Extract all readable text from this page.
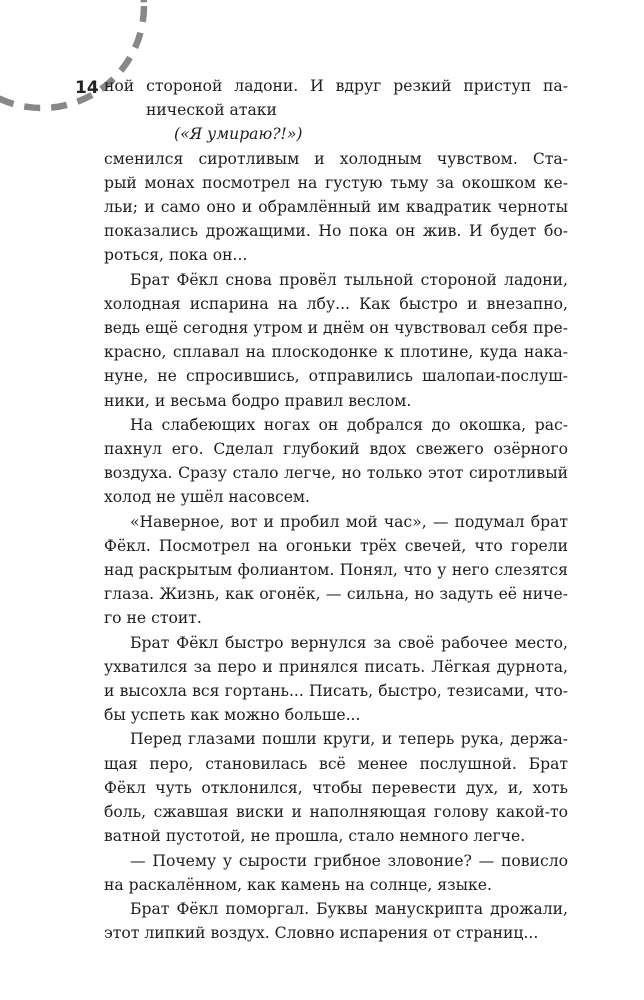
14 ной стороной ладони. И вдруг резкий приступ па-
нической атаки
(«Я умираю?!»)
сменился сиротливым и холодным чувством. Ста-
рый монах посмотрел на густую тьму за окошком ке-
льи; и само оно и обрамлённый им квадратик черноты
показались дрожащими. Но пока он жив. И будет бо-
роться, пока он...

Брат Фёкл снова провёл тыльной стороной ладони,
холодная испарина на лбу... Как быстро и внезапно,
ведь ещё сегодня утром и днём он чувствовал себя пре-
красно, сплавал на плоскодонке к плотине, куда нака-
нуне, не спросившись, отправились шалопаи-послуш-
ники, и весьма бодро правил веслом.

На слабеющих ногах он добрался до окошка, рас-
пахнул его. Сделал глубокий вдох свежего озёрного
воздуха. Сразу стало легче, но только этот сиротливый
холод не ушёл насовсем.

«Наверное, вот и пробил мой час», — подумал брат
Фёкл. Посмотрел на огоньки трёх свечей, что горели
над раскрытым фолиантом. Понял, что у него слезятся
глаза. Жизнь, как огонёк, — сильна, но задуть её ниче-
го не стоит.

Брат Фёкл быстро вернулся за своё рабочее место,
ухватился за перо и принялся писать. Лёгкая дурнота,
и высохла вся гортань... Писать, быстро, тезисами, что-
бы успеть как можно больше...

Перед глазами пошли круги, и теперь рука, держа-
щая перо, становилась всё менее послушной. Брат
Фёкл чуть отклонился, чтобы перевести дух, и, хоть
боль, сжавшая виски и наполняющая голову какой-то
ватной пустотой, не прошла, стало немного легче.

— Почему у сырости грибное зловоние? — повисло
на раскалённом, как камень на солнце, языке.

Брат Фёкл поморгал. Буквы манускрипта дрожали,
этот липкий воздух. Словно испарения от страниц...
